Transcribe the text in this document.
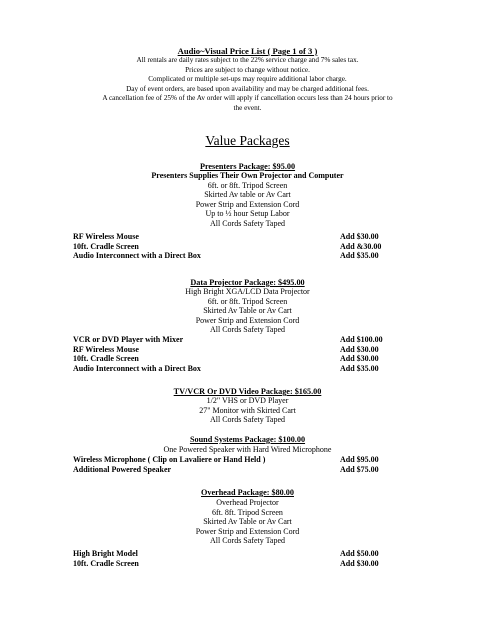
Audio~Visual Price List ( Page 1 of 3 )
All rentals are daily rates subject to the 22% service charge and 7% sales tax.
Prices are subject to change without notice.
Complicated or multiple set-ups may require additional labor charge.
Day of event orders, are based upon availability and may be charged additional fees.
A cancellation fee of 25% of the Av order will apply if cancellation occurs less than 24 hours prior to the event.
Value Packages
Presenters Package: $95.00
Presenters Supplies Their Own Projector and Computer
6ft. or 8ft. Tripod Screen
Skirted Av table or Av Cart
Power Strip and Extension Cord
Up to ½ hour Setup Labor
All Cords Safety Taped
RF Wireless Mouse	Add $30.00
10ft. Cradle Screen	Add &30.00
Audio Interconnect with a Direct Box	Add $35.00
Data Projector Package: $495.00
High Bright XGA/LCD Data Projector
6ft. or 8ft. Tripod Screen
Skirted Av Table or Av Cart
Power Strip and Extension Cord
All Cords Safety Taped
VCR or DVD Player with Mixer	Add $100.00
RF Wireless Mouse	Add $30.00
10ft. Cradle Screen	Add $30.00
Audio Interconnect with a Direct Box	Add $35.00
TV/VCR Or DVD Video Package: $165.00
1/2" VHS or DVD Player
27" Monitor with Skirted Cart
All Cords Safety Taped
Sound Systems Package: $100.00
One Powered Speaker with Hard Wired Microphone
Wireless Microphone ( Clip on Lavaliere or Hand Held )	Add $95.00
Additional Powered Speaker	Add $75.00
Overhead Package: $80.00
Overhead Projector
6ft. 8ft. Tripod Screen
Skirted Av Table or Av Cart
Power Strip and Extension Cord
All Cords Safety Taped
High Bright Model	Add $50.00
10ft. Cradle Screen	Add $30.00
